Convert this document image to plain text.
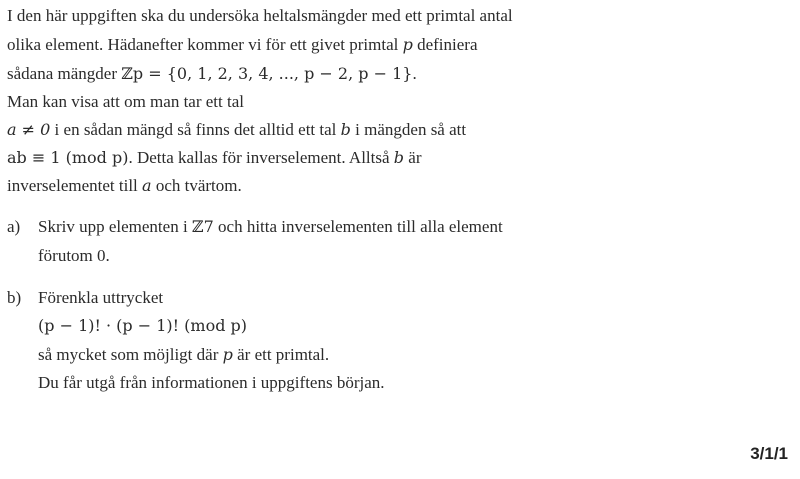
I den här uppgiften ska du undersöka heltalsmängder med ett primtal antal
olika element. Hädanefter kommer vi för ett givet primtal p definiera
sådana mängder ℤp = {0, 1, 2, 3, 4, ..., p − 2, p − 1}.
Man kan visa att om man tar ett tal
a ≠ 0 i en sådan mängd så finns det alltid ett tal b i mängden så att
ab ≡ 1 (mod p). Detta kallas för inverselement. Alltså b är
inverselementet till a och tvärtom.
a) Skriv upp elementen i ℤ7 och hitta inverselementen till alla element
förutom 0.
b) Förenkla uttrycket
(p − 1)! · (p − 1)! (mod p)
så mycket som möjligt där p är ett primtal.
Du får utgå från informationen i uppgiftens början.
3/1/1
